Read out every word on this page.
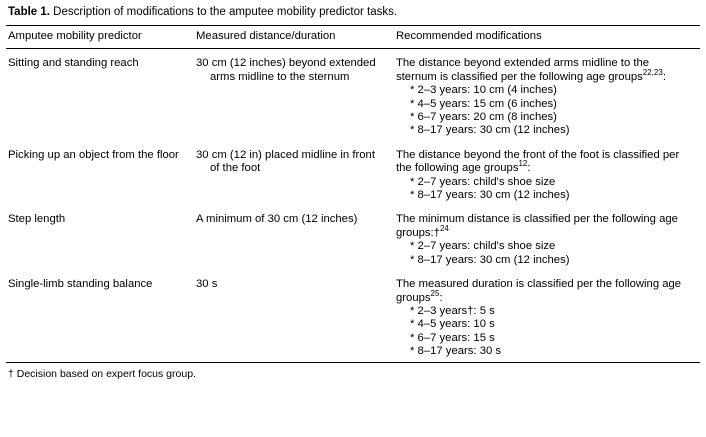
Table 1. Description of modifications to the amputee mobility predictor tasks.
Amputee mobility predictor	Measured distance/duration	Recommended modifications
Sitting and standing reach	30 cm (12 inches) beyond extended arms midline to the sternum	The distance beyond extended arms midline to the sternum is classified per the following age groups$^{22,23}$:
* 2–3 years: 10 cm (4 inches)
* 4–5 years: 15 cm (6 inches)
* 6–7 years: 20 cm (8 inches)
* 8–17 years: 30 cm (12 inches)

Picking up an object from the floor	30 cm (12 in) placed midline in front of the foot	The distance beyond the front of the foot is classified per the following age groups$^{12}$:
* 2–7 years: child's shoe size
* 8–17 years: 30 cm (12 inches)

Step length	A minimum of 30 cm (12 inches)	The minimum distance is classified per the following age groups:†$^{24}$
* 2–7 years: child's shoe size
* 8–17 years: 30 cm (12 inches)

Single-limb standing balance	30 s	The measured duration is classified per the following age groups$^{25}$:
* 2–3 years†: 5 s
* 4–5 years: 10 s
* 6–7 years: 15 s
* 8–17 years: 30 s
† Decision based on expert focus group.
